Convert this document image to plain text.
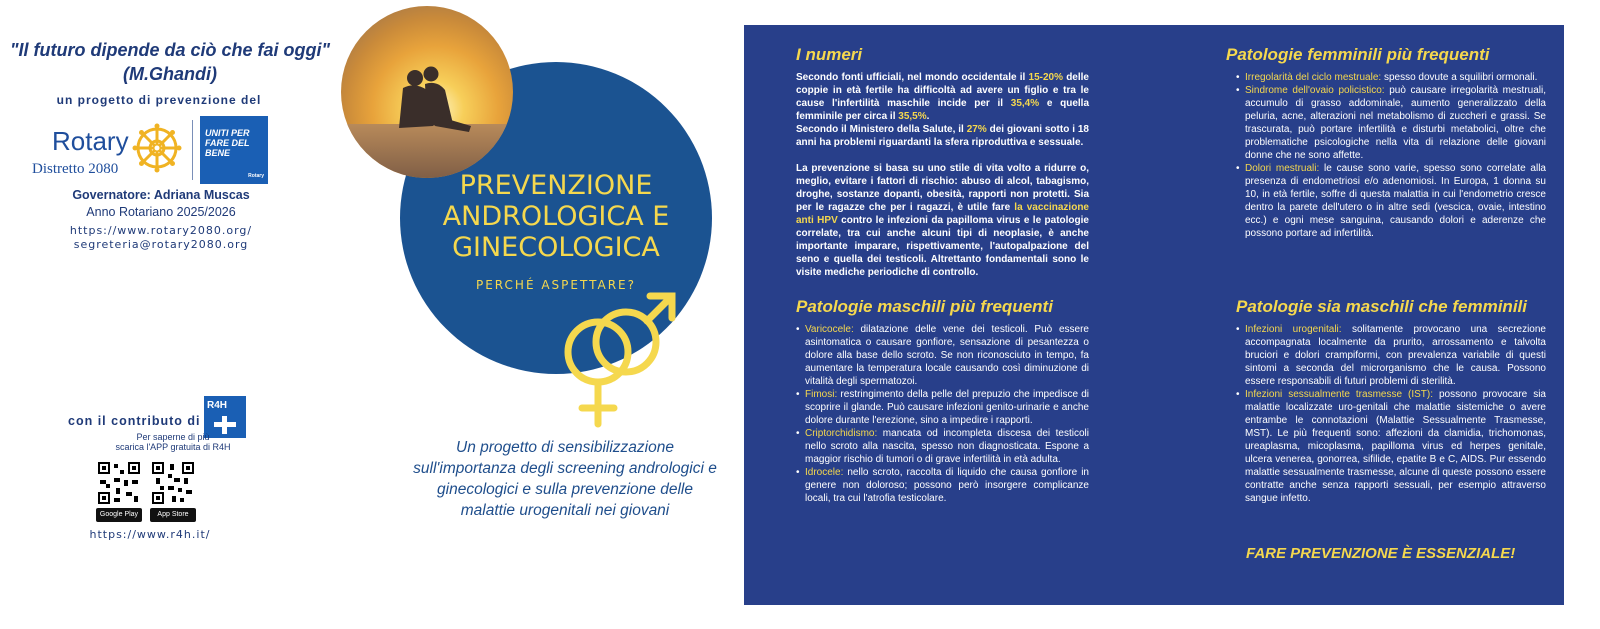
"Il futuro dipende da ciò che fai oggi"
(M.Ghandi)
un progetto di prevenzione del
Rotary
Distretto 2080
UNITI PER FARE DEL BENE
Rotary
Governatore: Adriana Muscas
Anno Rotariano 2025/2026
https://www.rotary2080.org/
segreteria@rotary2080.org
con il contributo di
R4H
Per saperne di più
scarica l'APP gratuita di R4H
Google Play	App Store
https://www.r4h.it/
PREVENZIONE
ANDROLOGICA E
GINECOLOGICA
PERCHÉ ASPETTARE?
Un progetto di sensibilizzazione sull'importanza degli screening andrologici e ginecologici e sulla prevenzione delle malattie urogenitali nei giovani
I numeri
Secondo fonti ufficiali, nel mondo occidentale il 15-20% delle coppie in età fertile ha difficoltà ad avere un figlio e tra le cause l'infertilità maschile incide per il 35,4% e quella femminile per circa il 35,5%.
Secondo il Ministero della Salute, il 27% dei giovani sotto i 18 anni ha problemi riguardanti la sfera riproduttiva e sessuale.
La prevenzione si basa su uno stile di vita volto a ridurre o, meglio, evitare i fattori di rischio: abuso di alcol, tabagismo, droghe, sostanze dopanti, obesità, rapporti non protetti. Sia per le ragazze che per i ragazzi, è utile fare la vaccinazione anti HPV contro le infezioni da papilloma virus e le patologie correlate, tra cui anche alcuni tipi di neoplasie, è anche importante imparare, rispettivamente, l'autopalpazione del seno e quella dei testicoli. Altrettanto fondamentali sono le visite mediche periodiche di controllo.
Patologie maschili più frequenti
• Varicocele: dilatazione delle vene dei testicoli. Può essere asintomatica o causare gonfiore, sensazione di pesantezza o dolore alla base dello scroto. Se non riconosciuto in tempo, fa aumentare la temperatura locale causando così diminuzione di vitalità degli spermatozoi.
• Fimosi: restringimento della pelle del prepuzio che impedisce di scoprire il glande. Può causare infezioni genito-urinarie e anche dolore durante l'erezione, sino a impedire i rapporti.
• Criptorchidismo: mancata od incompleta discesa dei testicoli nello scroto alla nascita, spesso non diagnosticata. Espone a maggior rischio di tumori o di grave infertilità in età adulta.
• Idrocele: nello scroto, raccolta di liquido che causa gonfiore in genere non doloroso; possono però insorgere complicanze locali, tra cui l'atrofia testicolare.
Patologie femminili più frequenti
• Irregolarità del ciclo mestruale: spesso dovute a squilibri ormonali.
• Sindrome dell'ovaio policistico: può causare irregolarità mestruali, accumulo di grasso addominale, aumento generalizzato della peluria, acne, alterazioni nel metabolismo di zuccheri e grassi. Se trascurata, può portare infertilità e disturbi metabolici, oltre che problematiche psicologiche nella vita di relazione delle giovani donne che ne sono affette.
• Dolori mestruali: le cause sono varie, spesso sono correlate alla presenza di endometriosi e/o adenomiosi. In Europa, 1 donna su 10, in età fertile, soffre di questa malattia in cui l'endometrio cresce dentro la parete dell'utero o in altre sedi (vescica, ovaie, intestino ecc.) e ogni mese sanguina, causando dolori e aderenze che possono portare ad infertilità.
Patologie sia maschili che femminili
• Infezioni urogenitali: solitamente provocano una secrezione accompagnata localmente da prurito, arrossamento e talvolta bruciori e dolori crampiformi, con prevalenza variabile di questi sintomi a seconda del microrganismo che le causa. Possono essere responsabili di futuri problemi di sterilità.
• Infezioni sessualmente trasmesse (IST): possono provocare sia malattie localizzate uro-genitali che malattie sistemiche o avere entrambe le connotazioni (Malattie Sessualmente Trasmesse, MST). Le più frequenti sono: affezioni da clamidia, trichomonas, ureaplasma, micoplasma, papilloma virus ed herpes genitale, ulcera venerea, gonorrea, sifilide, epatite B e C, AIDS. Pur essendo malattie sessualmente trasmesse, alcune di queste possono essere contratte anche senza rapporti sessuali, per esempio attraverso sangue infetto.
FARE PREVENZIONE È ESSENZIALE!
